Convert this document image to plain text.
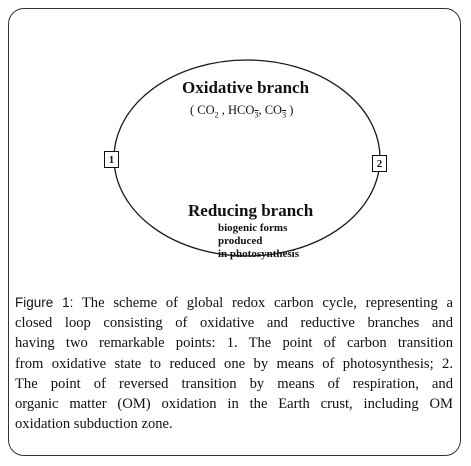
Oxidative branch
( $CO_2$ , $HCO_3$, $CO_3$ )
1	2
Reducing branch
biogenic forms
produced
in photosynthesis
Figure 1: The scheme of global redox carbon cycle, representing a
closed loop consisting of oxidative and reductive branches and
having two remarkable points: 1. The point of carbon transition
from oxidative state to reduced one by means of photosynthesis; 2.
The point of reversed transition by means of respiration, and
organic matter (OM) oxidation in the Earth crust, including OM
oxidation subduction zone.
